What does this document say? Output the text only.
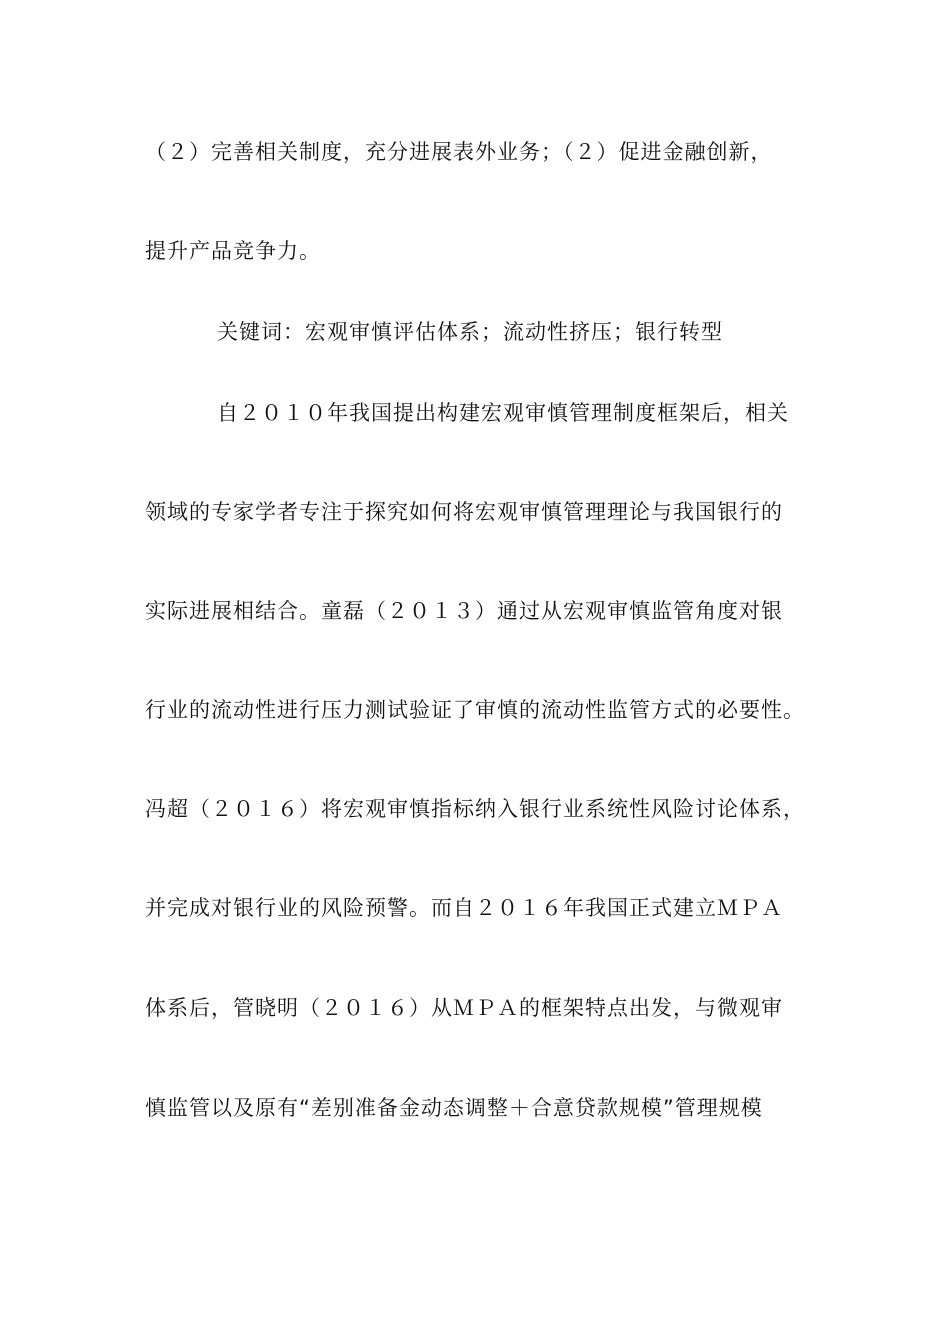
（２）完善相关制度，充分进展表外业务；（２）促进金融创新，
提升产品竞争力。
关键词：宏观审慎评估体系；流动性挤压；银行转型
自２０１０年我国提出构建宏观审慎管理制度框架后，相关
领域的专家学者专注于探究如何将宏观审慎管理理论与我国银行的
实际进展相结合。童磊（２０１３）通过从宏观审慎监管角度对银
行业的流动性进行压力测试验证了审慎的流动性监管方式的必要性。
冯超（２０１６）将宏观审慎指标纳入银行业系统性风险讨论体系，
并完成对银行业的风险预警。而自２０１６年我国正式建立ＭＰＡ
体系后，管晓明（２０１６）从ＭＰＡ的框架特点出发，与微观审
慎监管以及原有“差别准备金动态调整＋合意贷款规模”管理规模
